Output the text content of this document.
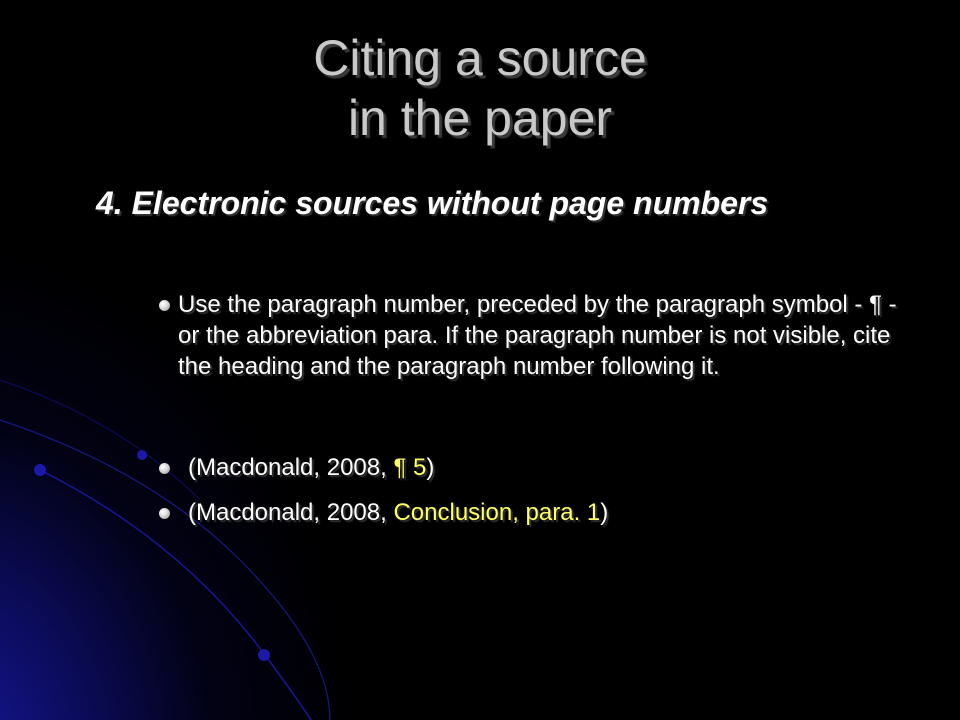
Citing a source
in the paper
4. Electronic sources without page numbers
Use the paragraph number, preceded by the paragraph symbol - ¶ - or the abbreviation para. If the paragraph number is not visible, cite the heading and the paragraph number following it.
(Macdonald, 2008, ¶ 5)
(Macdonald, 2008, Conclusion, para. 1)
